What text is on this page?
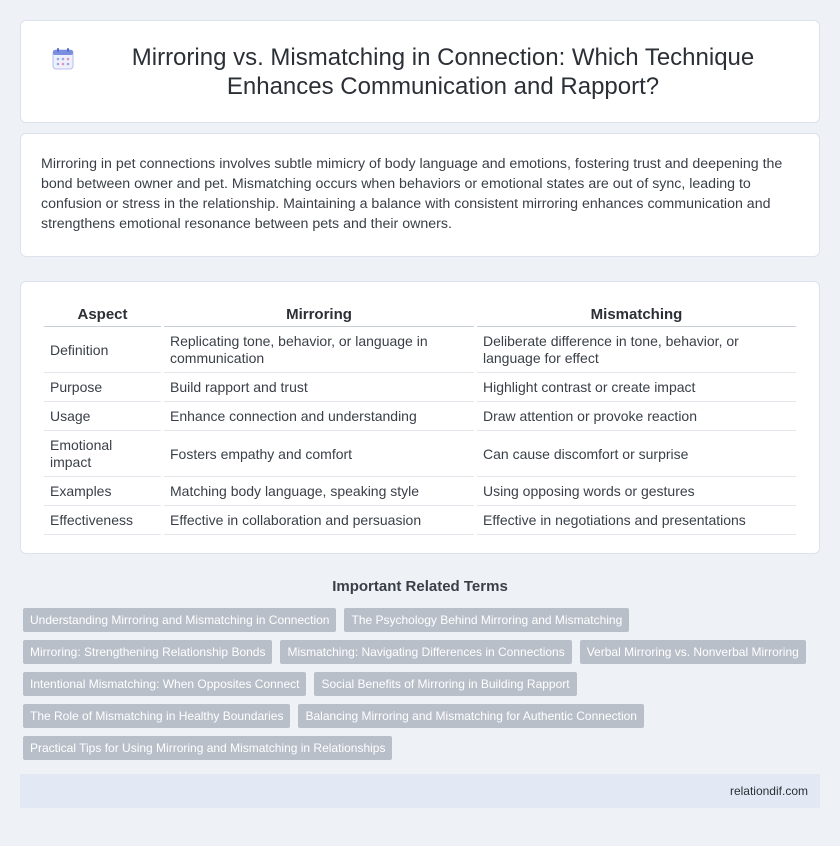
Mirroring vs. Mismatching in Connection: Which Technique Enhances Communication and Rapport?

Mirroring in pet connections involves subtle mimicry of body language and emotions, fostering trust and deepening the bond between owner and pet. Mismatching occurs when behaviors or emotional states are out of sync, leading to confusion or stress in the relationship. Maintaining a balance with consistent mirroring enhances communication and strengthens emotional resonance between pets and their owners.

Aspect	Mirroring	Mismatching
Definition	Replicating tone, behavior, or language in communication	Deliberate difference in tone, behavior, or language for effect
Purpose	Build rapport and trust	Highlight contrast or create impact
Usage	Enhance connection and understanding	Draw attention or provoke reaction
Emotional impact	Fosters empathy and comfort	Can cause discomfort or surprise
Examples	Matching body language, speaking style	Using opposing words or gestures
Effectiveness	Effective in collaboration and persuasion	Effective in negotiations and presentations
Important Related Terms
Understanding Mirroring and Mismatching in Connection	The Psychology Behind Mirroring and Mismatching
Mirroring: Strengthening Relationship Bonds	Mismatching: Navigating Differences in Connections	Verbal Mirroring vs. Nonverbal Mirroring
Intentional Mismatching: When Opposites Connect	Social Benefits of Mirroring in Building Rapport
The Role of Mismatching in Healthy Boundaries	Balancing Mirroring and Mismatching for Authentic Connection
Practical Tips for Using Mirroring and Mismatching in Relationships
relationdif.com
